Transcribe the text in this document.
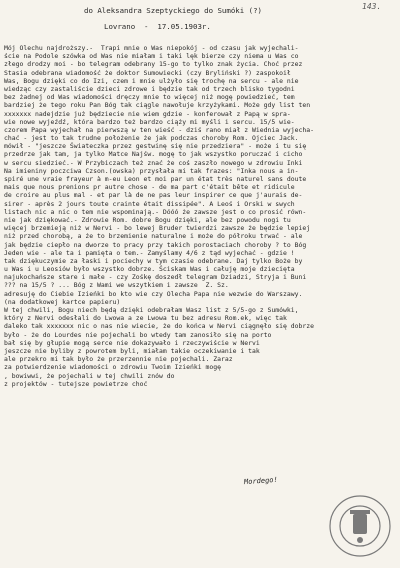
143.
do Aleksandra Szeptyckiego do Sumóki (?)
Lovrano  -  17.05.1903r.
Mój Olechu najdroższy.-  Trapi mnie o Was niepokój - od czasu jak wyjechali-
ście na Podole szówka od Was nie miałam i taki lęk bierze czy niema u Was co
złego drodzy moi - bo telegram odebrany 15-go to tylko znak życia. Choć przez
Stasia odebrana wiadomość że doktor Sumowiecki (czy Bryliński ?) zaspokoił
Was, Bogu dzięki co do Izi, czem i mnie ulżyło się trochę na sercu - ale nie
wiedząc czy zastaliście dzieci zdrowe i będzie tak od trzech blisko tygodni
bez żadnej od Was wiadomości dręczy mnie to więcej niż mogę powiedzieć, tem
bardziej że tego roku Pan Bóg tak ciągle nawołuje krzyżykami. Może gdy list ten
xxxxxxx nadejdzie już będziecie nie wiem gdzie - konferował z Papą w spra-
wie nowe wyjeźdź, która bardzo też bardzo ciąży mi myśli i sercu. 15/5 wie-
czorem Papa wyjechał na pierwszą w ten wieść - dziś rano miał z Wiednia wyjecha-
chać - jest to tak trudne położenie że jak podczas choroby Rom. Ojciec Jack.
mówił - "jeszcze Świateczka przez gestwinę się nie przedziera" - może i tu się
przedrze jak tam, ja tylko Matce Najśw. mogę to jak wszystko poruczać i cicho
w sercu siedzieć.- W Przybiczach też znać że coś zaszło nowego w zdrowiu Inki
Na imieniny poczciwa Czson.(owska) przysłała mi tak frazes: "Inka nous a in-
spiré une vraie frayeur à m-eu Leon et moi par un état très naturel sans doute
mais que nous prenions pr autre chose - de ma part c'était bête et ridicule
de croire au plus mal - et par là de ne pas leur inspirer ce que j'aurais de-
sirer - après 2 jours toute crainte était dissipée". A Leoś i Orski w swych
listach nic a nic o tem nie wspominają.- Dóóó że zawsze jest o co prosić równ-
nie jak dziękować.- Zdrowie Rom. dobre Bogu dzięki, ale bez powodu nogi tu
więcej brzemieją niż w Nervi - bo lewej Bruder twierdzi zawsze że będzie lepiej
niż przed chorobą, a że to brzemienie naturalne i może do półroku trwać - ale
jak będzie ciepło na dworze to pracy przy takich porostaciach choroby ? to Bóg
Jeden wie - ale ta i pamięta o tem.- Zamyślamy 4/6 z tąd wyjechać - gdzie !
tak dziękuczymie za łaski i pociechy w tym czasie odebrane. Daj tylko Boże by
u Was i u Leosiów było wszystko dobrze. Ściskam Was i całuję moje dziecięta
najukochańsze stare i małe - czy Zośkę doszedł telegram Dziadzi, Stryja i Buni
??? na 15/5 ? ... Bóg z Wami we wszytkiem i zawsze  Z. Sz.
adresuję do Ciebie Izieńki bo kto wie czy Olecha Papa nie wezwie do Warszawy.
(na dodatkowej kartce papieru)
W tej chwili, Bogu niech będą dzięki odebrałam Wasz list z 5/5-go z Sumówki,
który z Nervi odesłali do Lwowa a ze Lwowa tu bez adresu Rom.ek, więc tak
daleko tak xxxxxxx nic o nas nie wiecie, że do końca w Nervi ciągnęło się dobrze
było - że do Lourdes nie pojechali bo wtedy tam zanosiło się na porto
bał się by głupie mogą serce nie dokazywało i rzeczywiście w Nervi
jeszcze nie byliby z powrotem byli, miałam takie oczekiwanie i tak
ale przekro mi tak było że przerzennie nie pojechali. Zaraz
za potwierdzenie wiadomości o zdrowiu Twoim Izieńki mogę
, bowiwwi, że pojechali w tej chwili znów do
z projektów - tutejsze powietrze choć
Mordego!
